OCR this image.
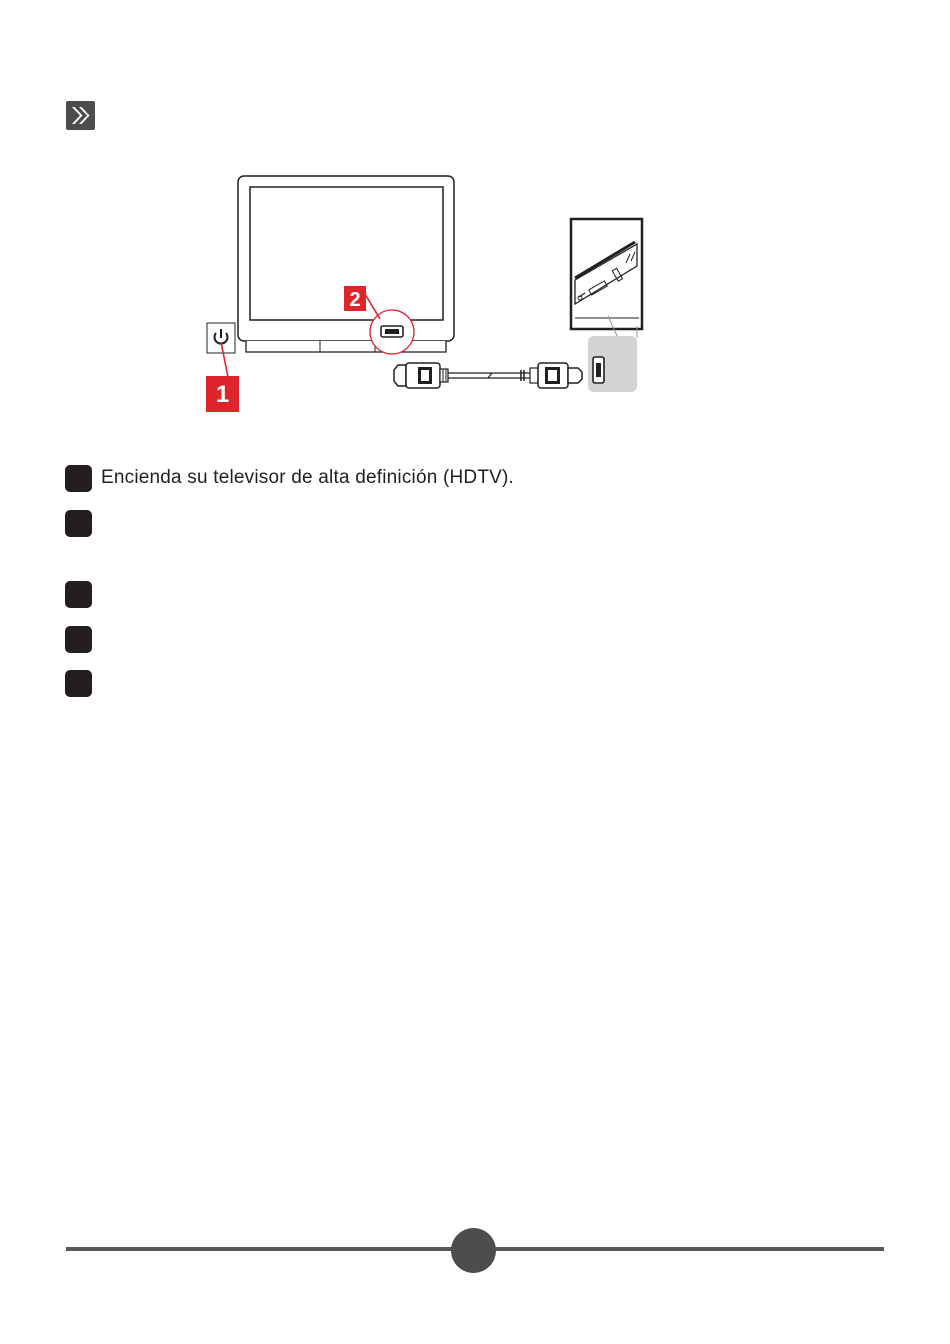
2
1
Encienda su televisor de alta definición (HDTV).
